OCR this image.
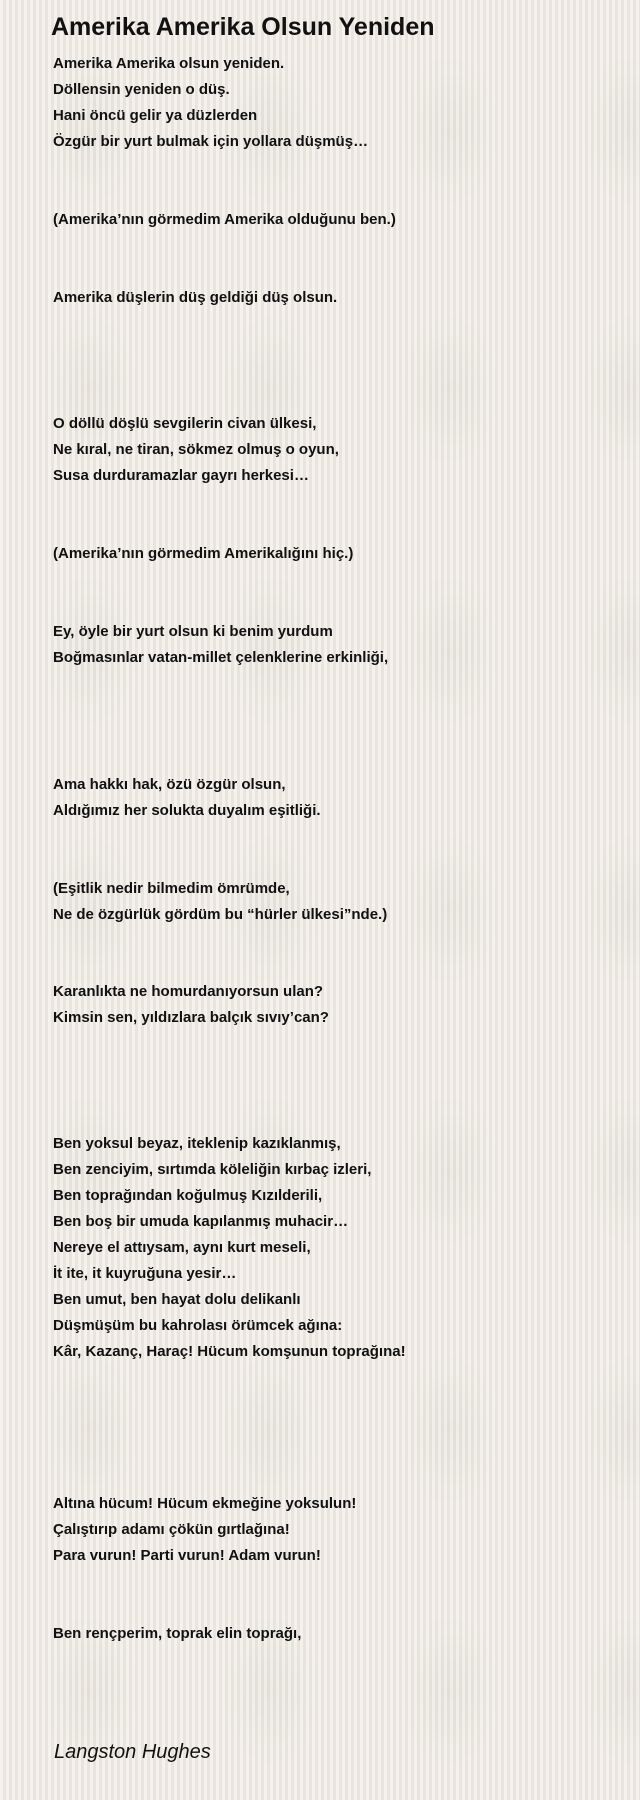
Amerika Amerika Olsun Yeniden

Amerika Amerika olsun yeniden.
Döllensin yeniden o düş.
Hani öncü gelir ya düzlerden
Özgür bir yurt bulmak için yollara düşmüş…

(Amerika’nın görmedim Amerika olduğunu ben.)

Amerika düşlerin düş geldiği düş olsun.

O döllü döşlü sevgilerin civan ülkesi,
Ne kıral, ne tiran, sökmez olmuş o oyun,
Susa durduramazlar gayrı herkesi…

(Amerika’nın görmedim Amerikalığını hiç.)

Ey, öyle bir yurt olsun ki benim yurdum
Boğmasınlar vatan-millet çelenklerine erkinliği,

Ama hakkı hak, özü özgür olsun,
Aldığımız her solukta duyalım eşitliği.

(Eşitlik nedir bilmedim ömrümde,
Ne de özgürlük gördüm bu “hürler ülkesi”nde.)

Karanlıkta ne homurdanıyorsun ulan?
Kimsin sen, yıldızlara balçık sıvıy’can?

Ben yoksul beyaz, iteklenip kazıklanmış,
Ben zenciyim, sırtımda köleliğin kırbaç izleri,
Ben toprağından koğulmuş Kızılderili,
Ben boş bir umuda kapılanmış muhacir…
Nereye el attıysam, aynı kurt meseli,
İt ite, it kuyruğuna yesir…

Ben umut, ben hayat dolu delikanlı
Düşmüşüm bu kahrolası örümcek ağına:
Kâr, Kazanç, Haraç! Hücum komşunun toprağına!

Altına hücum! Hücum ekmeğine yoksulun!
Çalıştırıp adamı çökün gırtlağına!
Para vurun! Parti vurun! Adam vurun!

Ben rençperim, toprak elin toprağı,

Langston Hughes
